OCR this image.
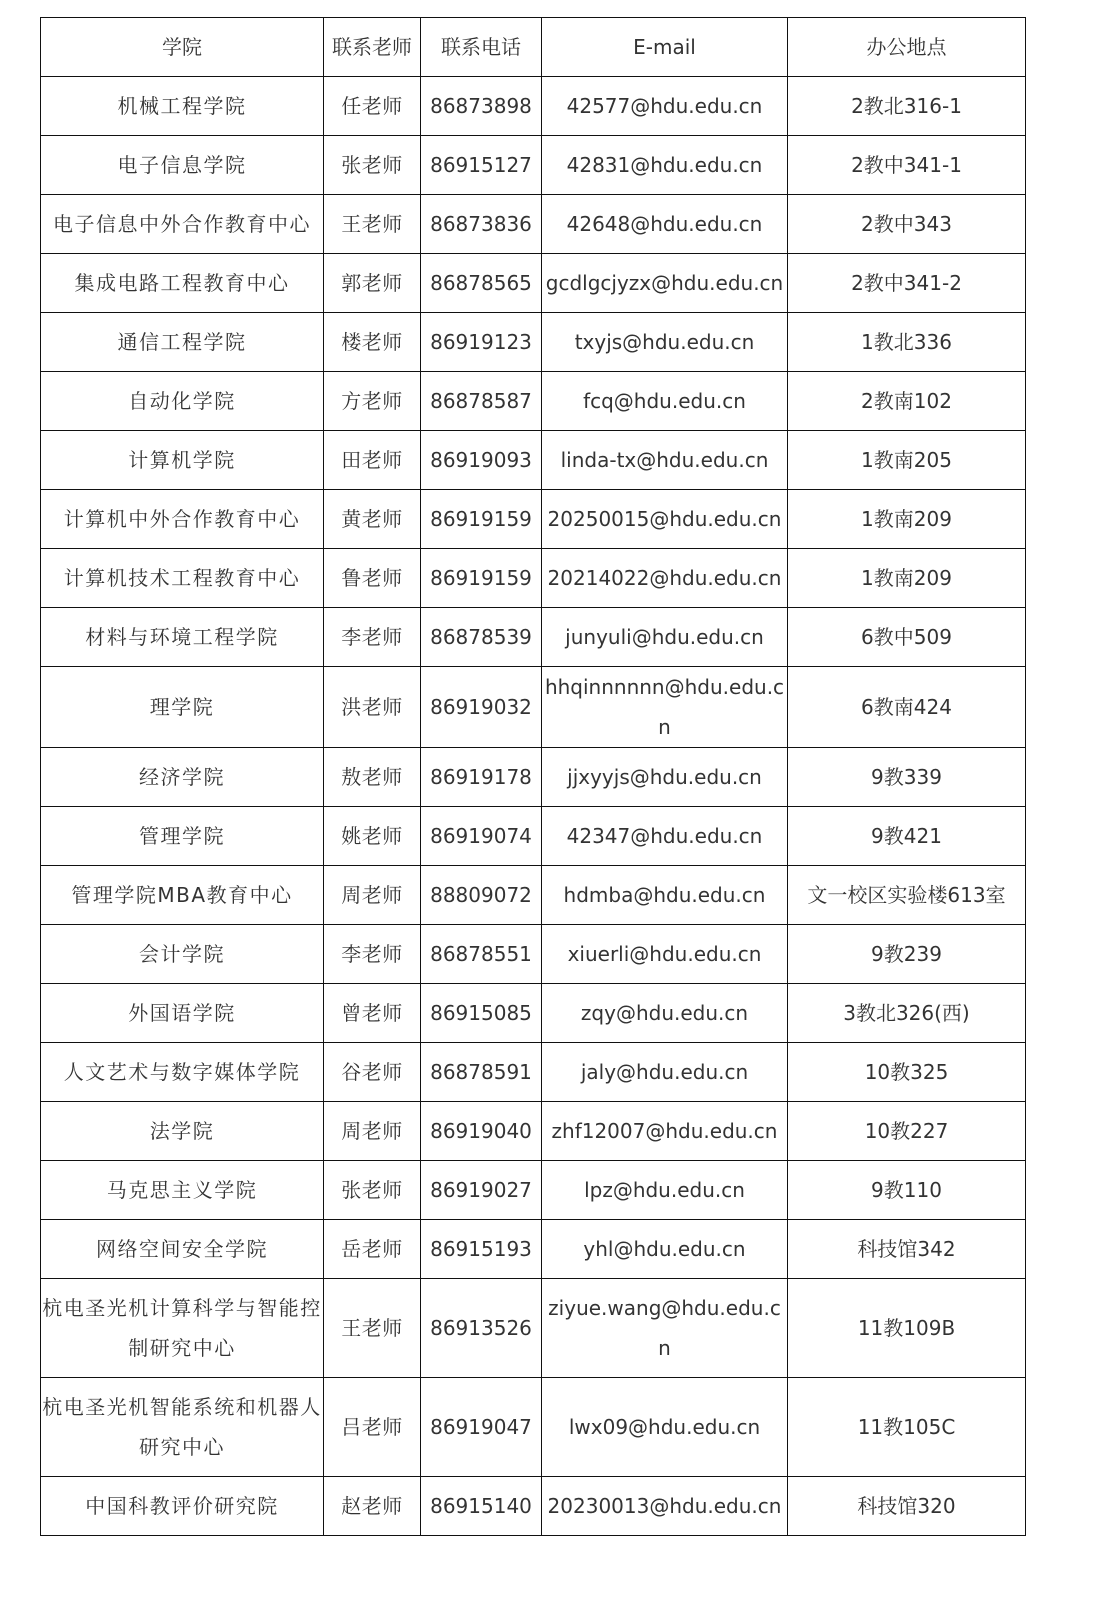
学院	联系老师	联系电话	E-mail	办公地点
机械工程学院	任老师	86873898	42577@hdu.edu.cn	2教北316-1
电子信息学院	张老师	86915127	42831@hdu.edu.cn	2教中341-1
电子信息中外合作教育中心	王老师	86873836	42648@hdu.edu.cn	2教中343
集成电路工程教育中心	郭老师	86878565	gcdlgcjyzx@hdu.edu.cn	2教中341-2
通信工程学院	楼老师	86919123	txyjs@hdu.edu.cn	1教北336
自动化学院	方老师	86878587	fcq@hdu.edu.cn	2教南102
计算机学院	田老师	86919093	linda-tx@hdu.edu.cn	1教南205
计算机中外合作教育中心	黄老师	86919159	20250015@hdu.edu.cn	1教南209
计算机技术工程教育中心	鲁老师	86919159	20214022@hdu.edu.cn	1教南209
材料与环境工程学院	李老师	86878539	junyuli@hdu.edu.cn	6教中509
理学院	洪老师	86919032	hhqinnnnnn@hdu.edu.cn	6教南424
经济学院	敖老师	86919178	jjxyyjs@hdu.edu.cn	9教339
管理学院	姚老师	86919074	42347@hdu.edu.cn	9教421
管理学院MBA教育中心	周老师	88809072	hdmba@hdu.edu.cn	文一校区实验楼613室
会计学院	李老师	86878551	xiuerli@hdu.edu.cn	9教239
外国语学院	曾老师	86915085	zqy@hdu.edu.cn	3教北326(西)
人文艺术与数字媒体学院	谷老师	86878591	jaly@hdu.edu.cn	10教325
法学院	周老师	86919040	zhf12007@hdu.edu.cn	10教227
马克思主义学院	张老师	86919027	lpz@hdu.edu.cn	9教110
网络空间安全学院	岳老师	86915193	yhl@hdu.edu.cn	科技馆342
杭电圣光机计算科学与智能控制研究中心	王老师	86913526	ziyue.wang@hdu.edu.cn	11教109B
杭电圣光机智能系统和机器人研究中心	吕老师	86919047	lwx09@hdu.edu.cn	11教105C
中国科教评价研究院	赵老师	86915140	20230013@hdu.edu.cn	科技馆320
